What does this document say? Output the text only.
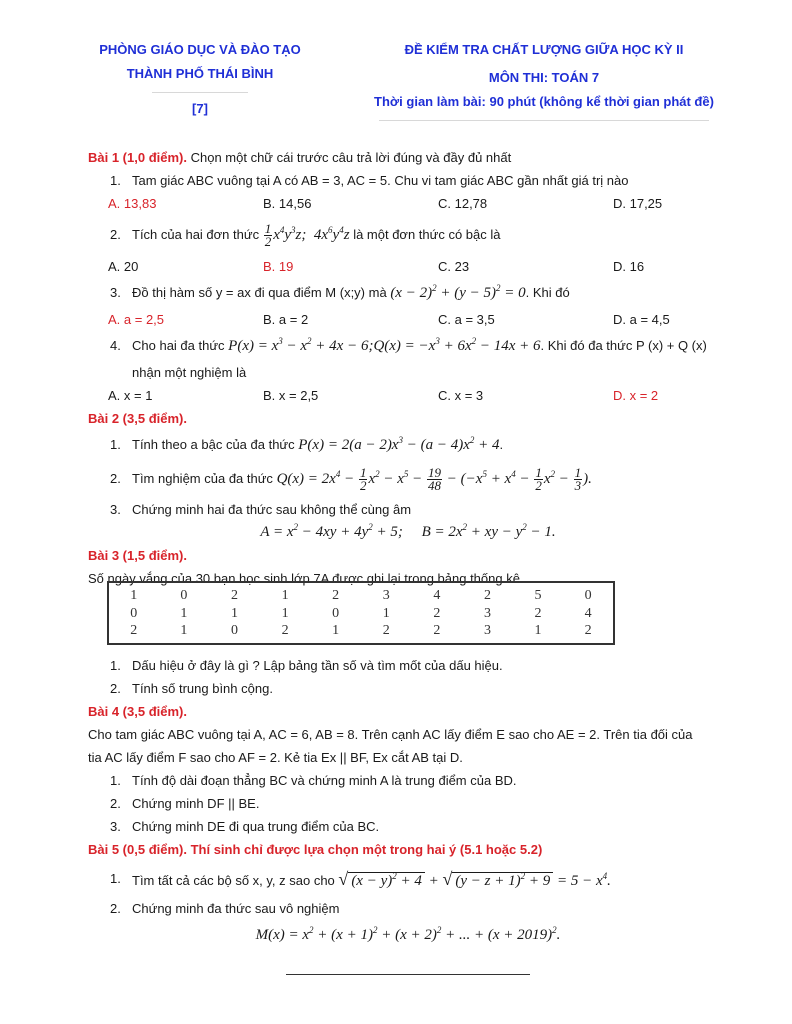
PHÒNG GIÁO DỤC VÀ ĐÀO TẠO
THÀNH PHỐ THÁI BÌNH
[7]
ĐỀ KIỂM TRA CHẤT LƯỢNG GIỮA HỌC KỲ II
MÔN THI: TOÁN 7
Thời gian làm bài: 90 phút (không kể thời gian phát đề)
Bài 1 (1,0 điểm). Chọn một chữ cái trước câu trả lời đúng và đầy đủ nhất
1. Tam giác ABC vuông tại A có AB = 3, AC = 5. Chu vi tam giác ABC gần nhất giá trị nào
A. 13,83	B. 14,56	C. 12,78	D. 17,25
2. Tích của hai đơn thức $\frac{1}{2} x^4y^3z$;  $4x^6y^4z$ là một đơn thức có bậc là
A. 20	B. 19	C. 23	D. 16
3. Đồ thị hàm số y = ax đi qua điểm M (x;y) mà $(x - 2)^2 + (y - 5)^2 = 0$. Khi đó
A. a = 2,5	B. a = 2	C. a = 3,5	D. a = 4,5
4. Cho hai đa thức $P(x) = x^3 - x^2 + 4x$ − 6;Q(x) = $-x^3 + 6x^2 - 14x + 6$. Khi đó đa thức P (x) + Q (x)
nhận một nghiệm là
A. x = 1	B. x = 2,5	C. x = 3	D. x = 2
Bài 2 (3,5 điểm).
1. Tính theo a bậc của đa thức $P(x) = 2(a - 2)x^3 - (a - 4)x^2 + 4$.
2. Tìm nghiệm của đa thức $Q(x) = 2x^4 - \frac{1}{2} x^2 - x^5 - \frac{19}{48} - (-x^5 + x^4 - \frac{1}{2} x^2 - \frac{1}{3}$ ).
3. Chứng minh hai đa thức sau không thể cùng âm
$A = x^2 - 4xy + 4y^2 + 5$;     $B = 2x^2$ + xy − $y^2 - 1$.
Bài 3 (1,5 điểm).
Số ngày vắng của 30 bạn học sinh lớp 7A được ghi lại trong bảng thống kê
1	0	2	1	2	3	4	2	5	0
0	1	1	1	0	1	2	3	2	4
2	1	0	2	1	2	2	3	1	2
1. Dấu hiệu ở đây là gì ? Lập bảng tần số và tìm mốt của dấu hiệu.
2. Tính số trung bình cộng.
Bài 4 (3,5 điểm).
Cho tam giác ABC vuông tại A, AC = 6, AB = 8. Trên cạnh AC lấy điểm E sao cho AE = 2. Trên tia đối của
tia AC lấy điểm F sao cho AF = 2. Kẻ tia Ex || BF, Ex cắt AB tại D.
1. Tính độ dài đoạn thẳng BC và chứng minh A là trung điểm của BD.
2. Chứng minh DF || BE.
3. Chứng minh DE đi qua trung điểm của BC.
Bài 5 (0,5 điểm). Thí sinh chỉ được lựa chọn một trong hai ý (5.1 hoặc 5.2)
1. Tìm tất cả các bộ số x, y, z sao cho √ $(x - y)^2 + 4$ + √ $(y - z + 1)^2 + 9 = 5 - x^4$.
2. Chứng minh đa thức sau vô nghiệm
$M(x) = x^2 + (x + 1)^2 + (x + 2)^2$ + ... + $(x + 2019)^2$.
